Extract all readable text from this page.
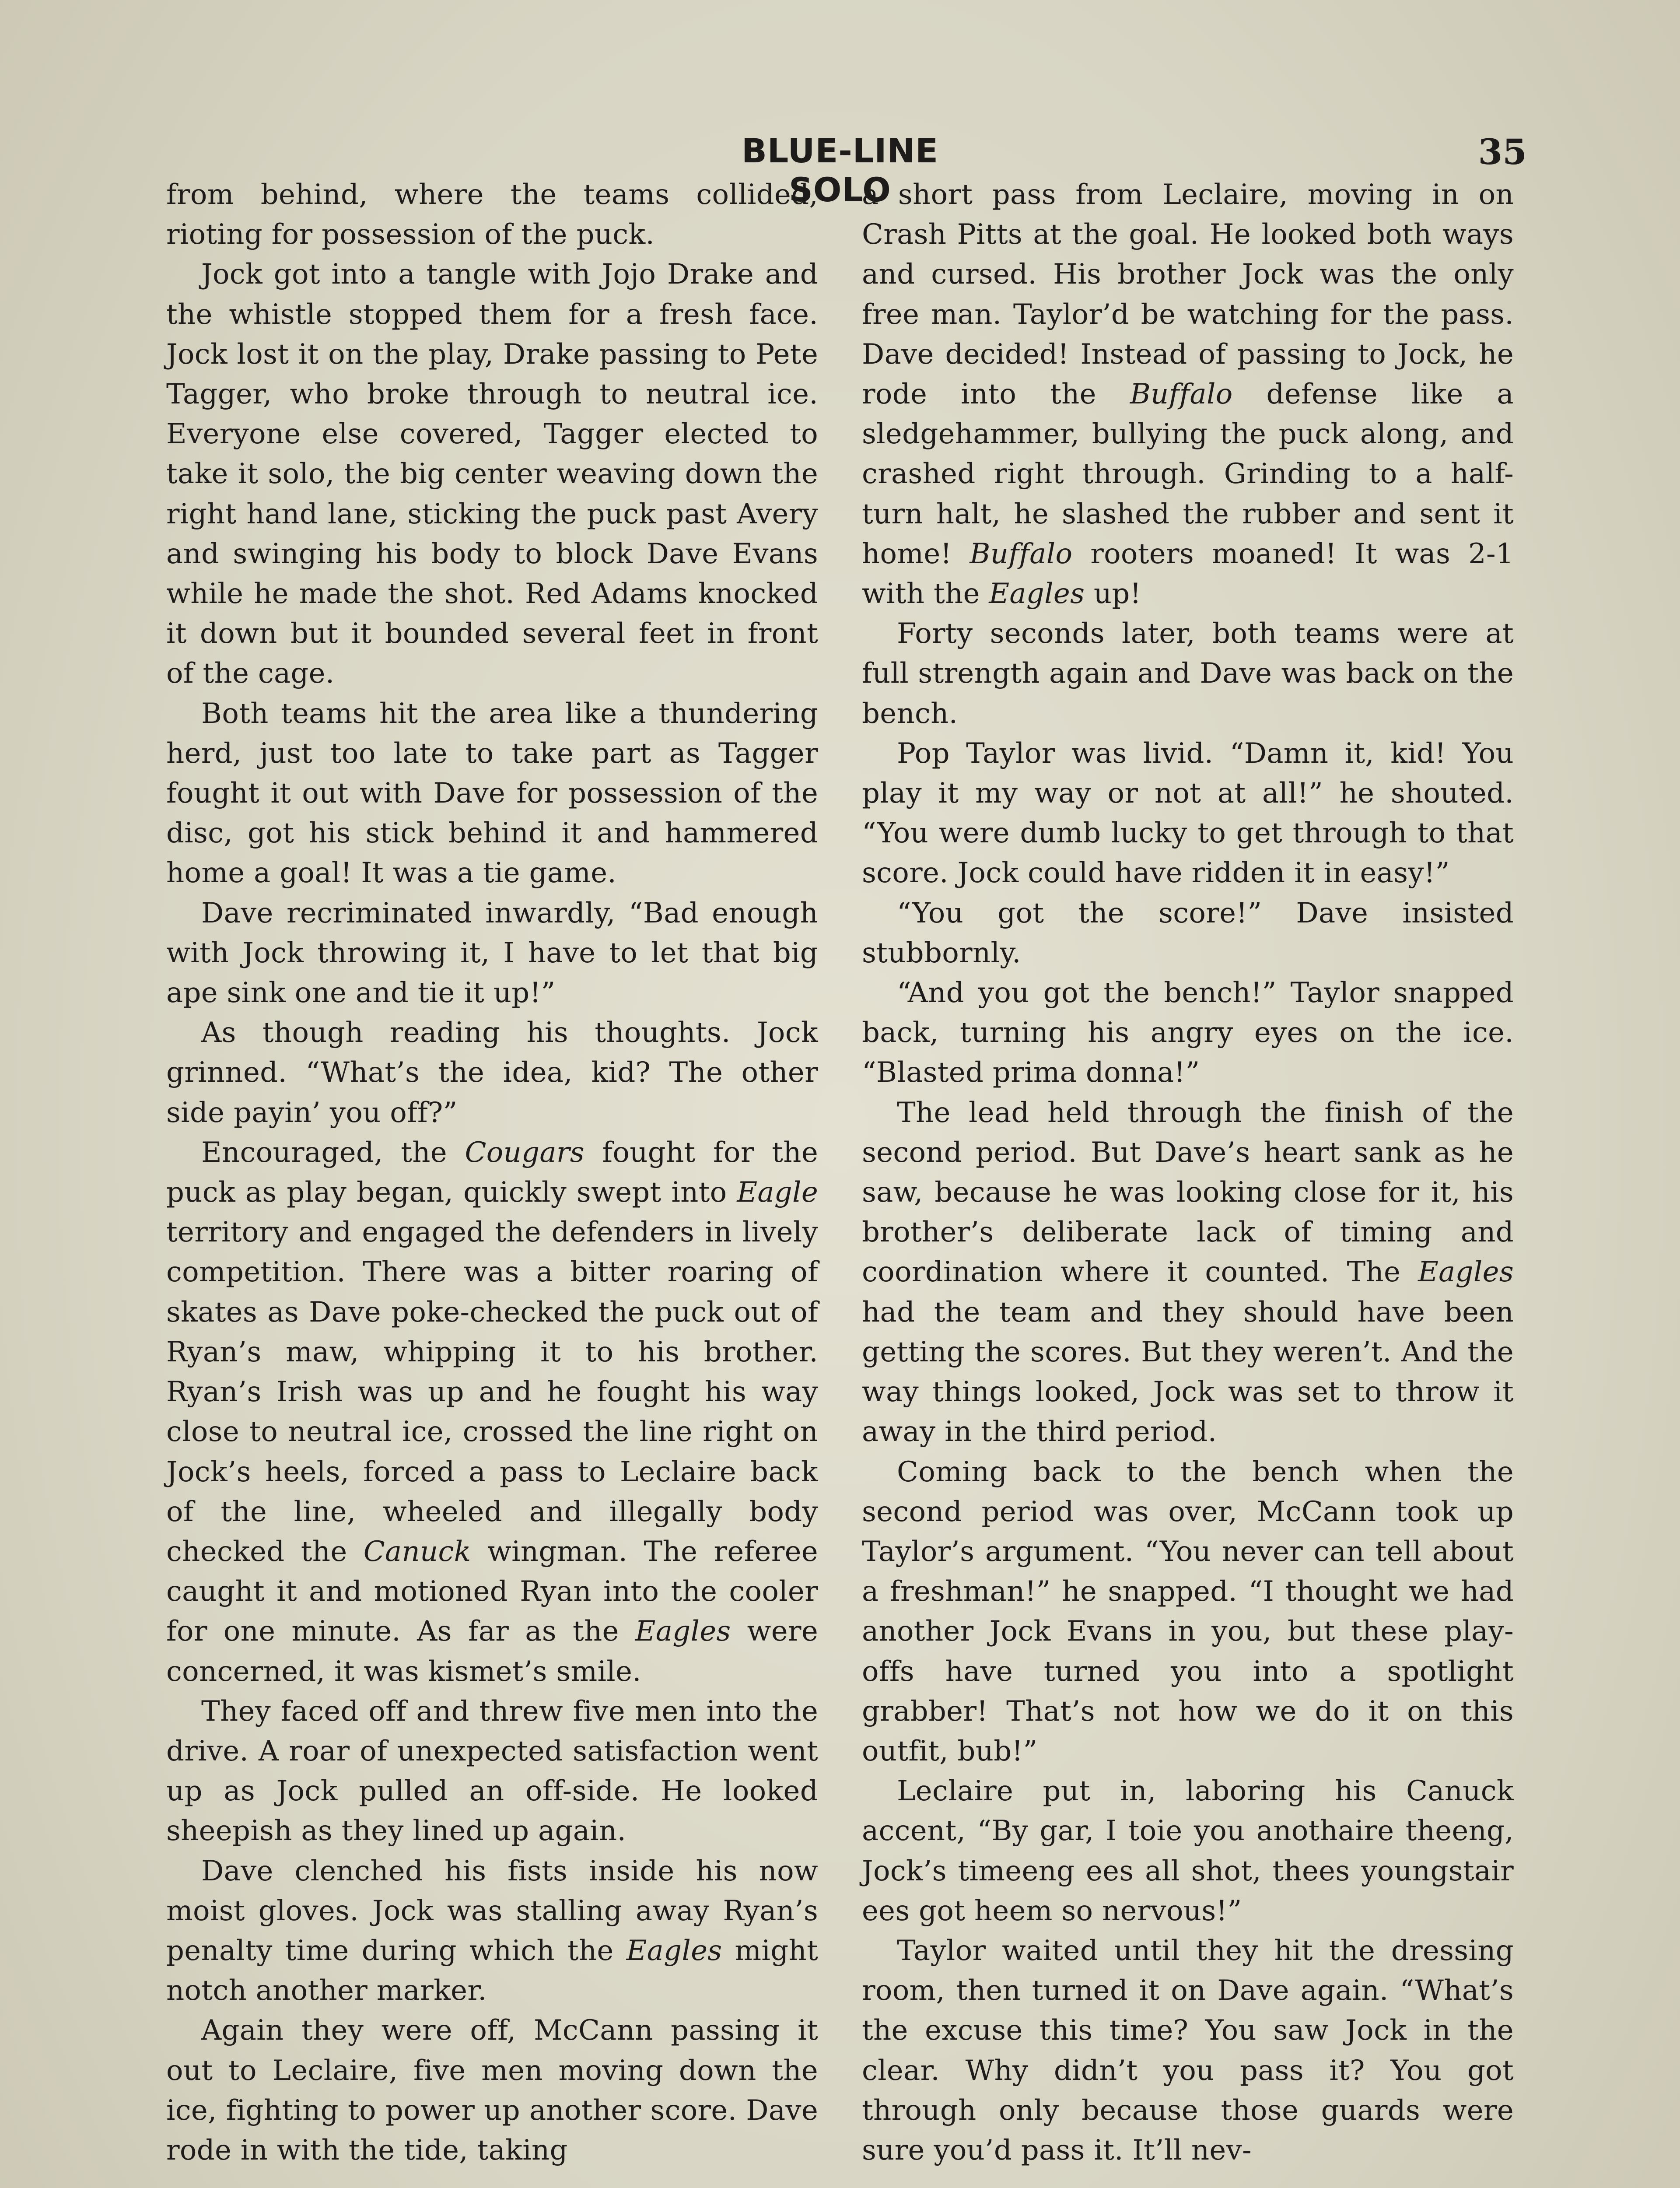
BLUE-LINE SOLO
35

from behind, where the teams collided, rioting for possession of the puck.

Jock got into a tangle with Jojo Drake and the whistle stopped them for a fresh face. Jock lost it on the play, Drake passing to Pete Tagger, who broke through to neutral ice. Everyone else covered, Tagger elected to take it solo, the big center weaving down the right hand lane, sticking the puck past Avery and swinging his body to block Dave Evans while he made the shot. Red Adams knocked it down but it bounded several feet in front of the cage.

Both teams hit the area like a thundering herd, just too late to take part as Tagger fought it out with Dave for possession of the disc, got his stick behind it and hammered home a goal! It was a tie game.

Dave recriminated inwardly, “Bad enough with Jock throwing it, I have to let that big ape sink one and tie it up!”

As though reading his thoughts. Jock grinned. “What’s the idea, kid? The other side payin’ you off?”

Encouraged, the Cougars fought for the puck as play began, quickly swept into Eagle territory and engaged the defenders in lively competition. There was a bitter roaring of skates as Dave poke-checked the puck out of Ryan’s maw, whipping it to his brother. Ryan’s Irish was up and he fought his way close to neutral ice, crossed the line right on Jock’s heels, forced a pass to Leclaire back of the line, wheeled and illegally body checked the Canuck wingman. The referee caught it and motioned Ryan into the cooler for one minute. As far as the Eagles were concerned, it was kismet’s smile.

They faced off and threw five men into the drive. A roar of unexpected satisfaction went up as Jock pulled an off-side. He looked sheepish as they lined up again.

Dave clenched his fists inside his now moist gloves. Jock was stalling away Ryan’s penalty time during which the Eagles might notch another marker.

Again they were off, McCann passing it out to Leclaire, five men moving down the ice, fighting to power up another score. Dave rode in with the tide, taking

a short pass from Leclaire, moving in on Crash Pitts at the goal. He looked both ways and cursed. His brother Jock was the only free man. Taylor’d be watching for the pass. Dave decided! Instead of passing to Jock, he rode into the Buffalo defense like a sledgehammer, bullying the puck along, and crashed right through. Grinding to a half-turn halt, he slashed the rubber and sent it home! Buffalo rooters moaned! It was 2-1 with the Eagles up!

Forty seconds later, both teams were at full strength again and Dave was back on the bench.

Pop Taylor was livid. “Damn it, kid! You play it my way or not at all!” he shouted. “You were dumb lucky to get through to that score. Jock could have ridden it in easy!”

“You got the score!” Dave insisted stubbornly.

“And you got the bench!” Taylor snapped back, turning his angry eyes on the ice. “Blasted prima donna!”

The lead held through the finish of the second period. But Dave’s heart sank as he saw, because he was looking close for it, his brother’s deliberate lack of timing and coordination where it counted. The Eagles had the team and they should have been getting the scores. But they weren’t. And the way things looked, Jock was set to throw it away in the third period.

Coming back to the bench when the second period was over, McCann took up Taylor’s argument. “You never can tell about a freshman!” he snapped. “I thought we had another Jock Evans in you, but these play-offs have turned you into a spotlight grabber! That’s not how we do it on this outfit, bub!”

Leclaire put in, laboring his Canuck accent, “By gar, I toie you anothaire theeng, Jock’s timeeng ees all shot, thees youngstair ees got heem so nervous!”

Taylor waited until they hit the dressing room, then turned it on Dave again. “What’s the excuse this time? You saw Jock in the clear. Why didn’t you pass it? You got through only because those guards were sure you’d pass it. It’ll nev-
